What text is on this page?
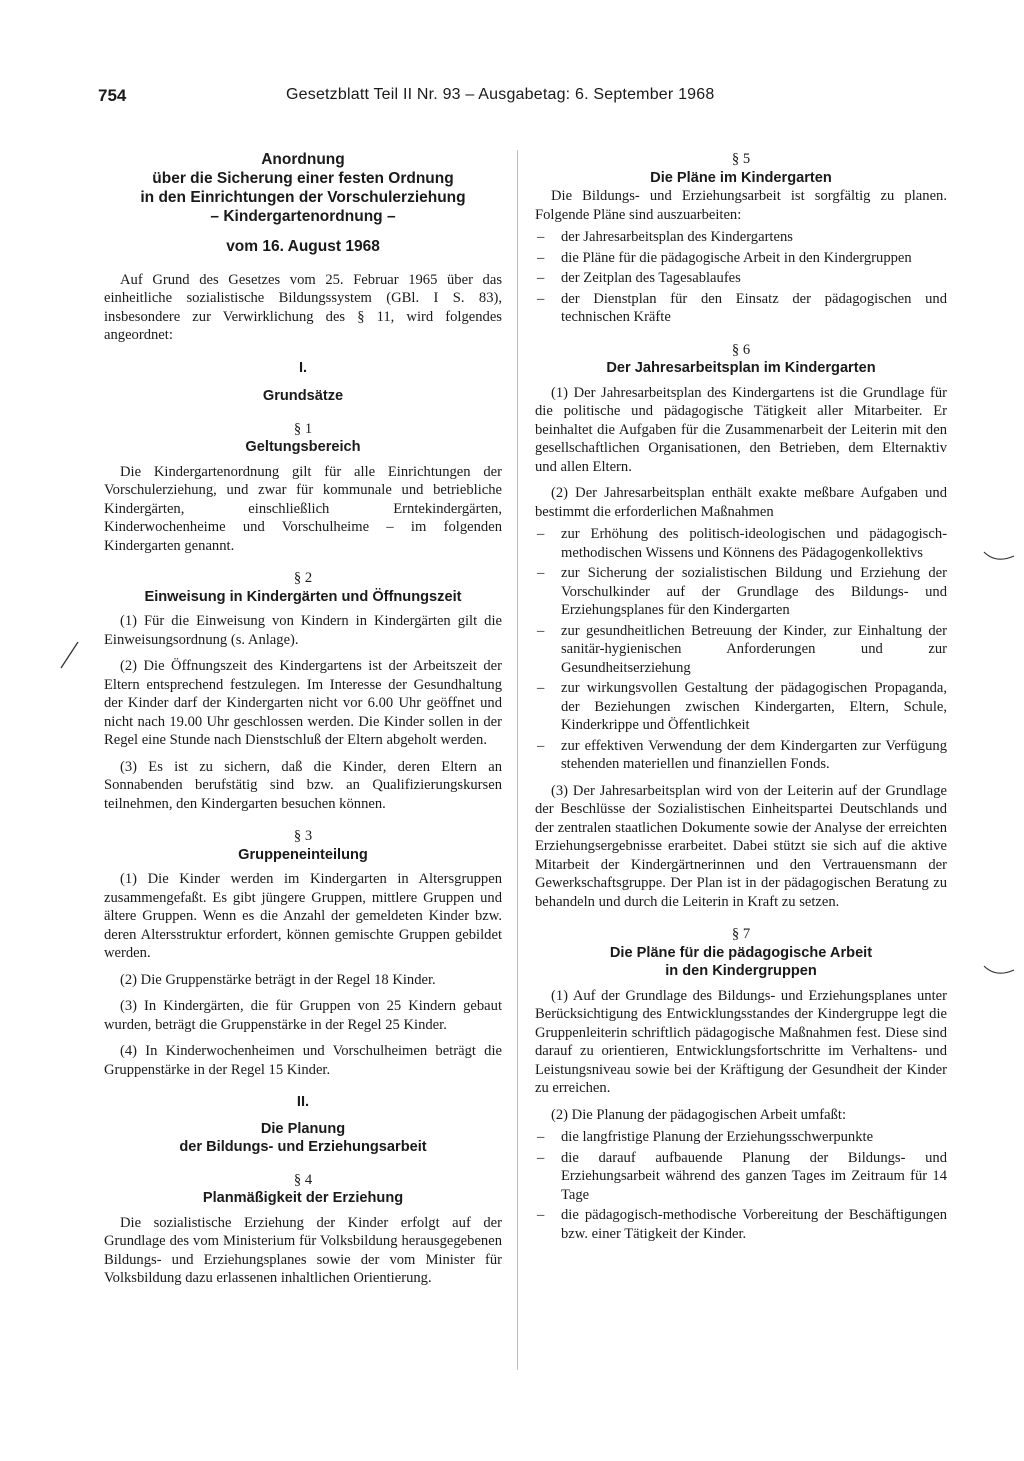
754	Gesetzblatt Teil II Nr. 93 – Ausgabetag: 6. September 1968
Anordnung
über die Sicherung einer festen Ordnung
in den Einrichtungen der Vorschulerziehung
– Kindergartenordnung –
vom 16. August 1968

Auf Grund des Gesetzes vom 25. Februar 1965 über das einheitliche sozialistische Bildungssystem (GBl. I S. 83), insbesondere zur Verwirklichung des § 11, wird folgendes angeordnet:

I.
Grundsätze
§ 1
Geltungsbereich

Die Kindergartenordnung gilt für alle Einrichtungen der Vorschulerziehung, und zwar für kommunale und betriebliche Kindergärten, einschließlich Erntekindergärten, Kinderwochenheime und Vorschulheime – im folgenden Kindergarten genannt.

§ 2
Einweisung in Kindergärten und Öffnungszeit

(1) Für die Einweisung von Kindern in Kindergärten gilt die Einweisungsordnung (s. Anlage).

(2) Die Öffnungszeit des Kindergartens ist der Arbeitszeit der Eltern entsprechend festzulegen. Im Interesse der Gesundhaltung der Kinder darf der Kindergarten nicht vor 6.00 Uhr geöffnet und nicht nach 19.00 Uhr geschlossen werden. Die Kinder sollen in der Regel eine Stunde nach Dienstschluß der Eltern abgeholt werden.

(3) Es ist zu sichern, daß die Kinder, deren Eltern an Sonnabenden berufstätig sind bzw. an Qualifizierungskursen teilnehmen, den Kindergarten besuchen können.

§ 3
Gruppeneinteilung

(1) Die Kinder werden im Kindergarten in Altersgruppen zusammengefaßt. Es gibt jüngere Gruppen, mittlere Gruppen und ältere Gruppen. Wenn es die Anzahl der gemeldeten Kinder bzw. deren Altersstruktur erfordert, können gemischte Gruppen gebildet werden.

(2) Die Gruppenstärke beträgt in der Regel 18 Kinder.

(3) In Kindergärten, die für Gruppen von 25 Kindern gebaut wurden, beträgt die Gruppenstärke in der Regel 25 Kinder.

(4) In Kinderwochenheimen und Vorschulheimen beträgt die Gruppenstärke in der Regel 15 Kinder.

II.
Die Planung
der Bildungs- und Erziehungsarbeit
§ 4
Planmäßigkeit der Erziehung

Die sozialistische Erziehung der Kinder erfolgt auf der Grundlage des vom Ministerium für Volksbildung herausgegebenen Bildungs- und Erziehungsplanes sowie der vom Minister für Volksbildung dazu erlassenen inhaltlichen Orientierung.

§ 5
Die Pläne im Kindergarten

Die Bildungs- und Erziehungsarbeit ist sorgfältig zu planen. Folgende Pläne sind auszuarbeiten:

– der Jahresarbeitsplan des Kindergartens
– die Pläne für die pädagogische Arbeit in den Kindergruppen
– der Zeitplan des Tagesablaufes
– der Dienstplan für den Einsatz der pädagogischen und technischen Kräfte
§ 6
Der Jahresarbeitsplan im Kindergarten

(1) Der Jahresarbeitsplan des Kindergartens ist die Grundlage für die politische und pädagogische Tätigkeit aller Mitarbeiter. Er beinhaltet die Aufgaben für die Zusammenarbeit der Leiterin mit den gesellschaftlichen Organisationen, den Betrieben, dem Elternaktiv und allen Eltern.

(2) Der Jahresarbeitsplan enthält exakte meßbare Aufgaben und bestimmt die erforderlichen Maßnahmen

– zur Erhöhung des politisch-ideologischen und pädagogisch-methodischen Wissens und Könnens des Pädagogenkollektivs
– zur Sicherung der sozialistischen Bildung und Erziehung der Vorschulkinder auf der Grundlage des Bildungs- und Erziehungsplanes für den Kindergarten
– zur gesundheitlichen Betreuung der Kinder, zur Einhaltung der sanitär-hygienischen Anforderungen und zur Gesundheitserziehung
– zur wirkungsvollen Gestaltung der pädagogischen Propaganda, der Beziehungen zwischen Kindergarten, Eltern, Schule, Kinderkrippe und Öffentlichkeit
– zur effektiven Verwendung der dem Kindergarten zur Verfügung stehenden materiellen und finanziellen Fonds.

(3) Der Jahresarbeitsplan wird von der Leiterin auf der Grundlage der Beschlüsse der Sozialistischen Einheitspartei Deutschlands und der zentralen staatlichen Dokumente sowie der Analyse der erreichten Erziehungsergebnisse erarbeitet. Dabei stützt sie sich auf die aktive Mitarbeit der Kindergärtnerinnen und den Vertrauensmann der Gewerkschaftsgruppe. Der Plan ist in der pädagogischen Beratung zu behandeln und durch die Leiterin in Kraft zu setzen.

§ 7
Die Pläne für die pädagogische Arbeit
in den Kindergruppen

(1) Auf der Grundlage des Bildungs- und Erziehungsplanes unter Berücksichtigung des Entwicklungsstandes der Kindergruppe legt die Gruppenleiterin schriftlich pädagogische Maßnahmen fest. Diese sind darauf zu orientieren, Entwicklungsfortschritte im Verhaltens- und Leistungsniveau sowie bei der Kräftigung der Gesundheit der Kinder zu erreichen.

(2) Die Planung der pädagogischen Arbeit umfaßt:

– die langfristige Planung der Erziehungsschwerpunkte
– die darauf aufbauende Planung der Bildungs- und Erziehungsarbeit während des ganzen Tages im Zeitraum für 14 Tage
– die pädagogisch-methodische Vorbereitung der Beschäftigungen bzw. einer Tätigkeit der Kinder.
